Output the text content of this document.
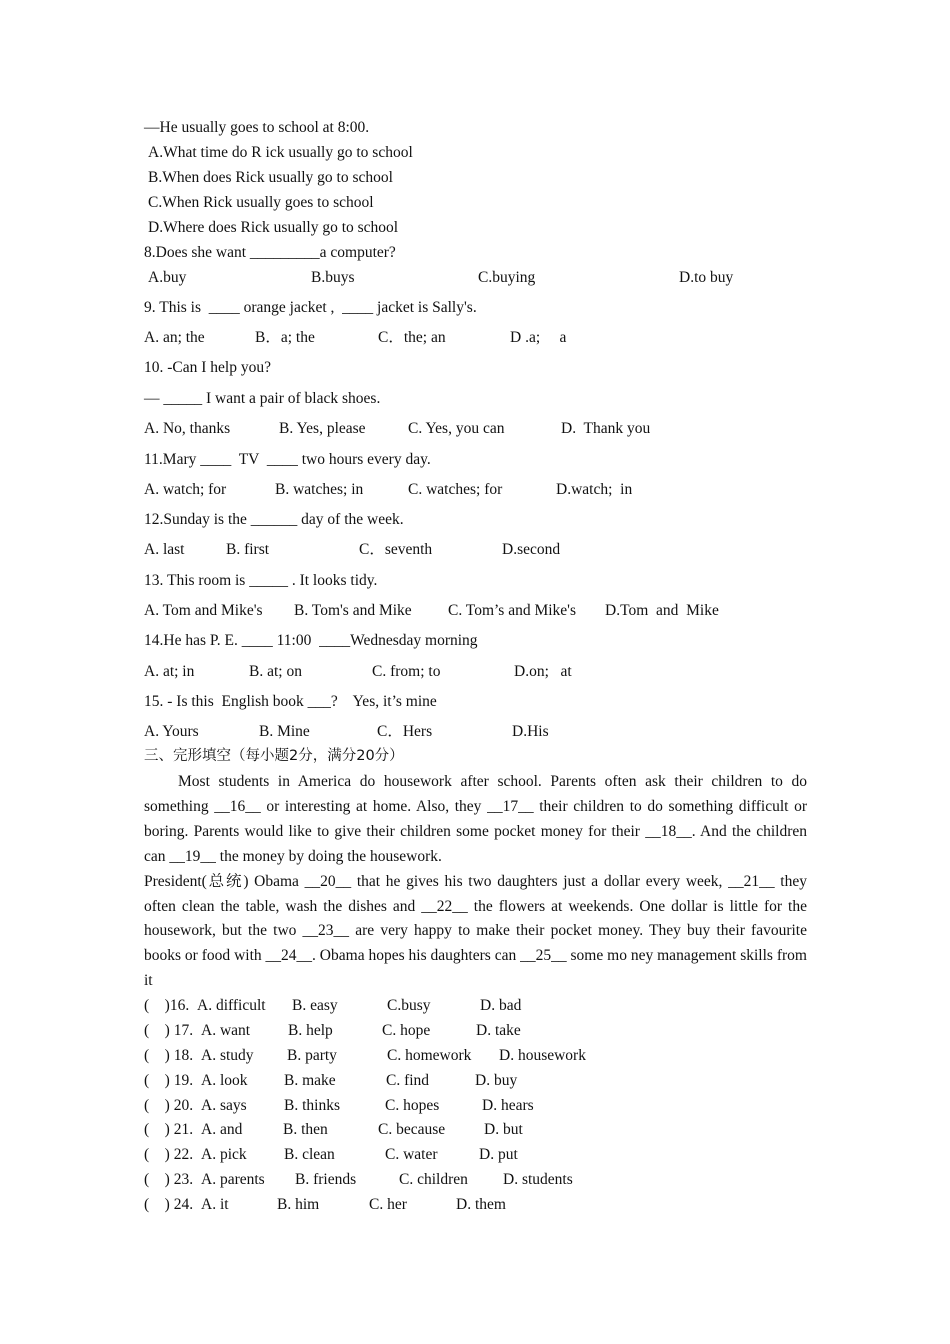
—He usually goes to school at 8:00.
A.What time do R ick usually go to school
B.When does Rick usually go to school
C.When Rick usually goes to school
D.Where does Rick usually go to school
8.Does she want _________a computer?
A.buy	B.buys	C.buying	D.to buy
9. This is  ____ orange jacket ,  ____ jacket is Sally's.
A. an; the	B．a; the	C．the; an	D .a;     a
10. -Can I help you?
— _____ I want a pair of black shoes.
A. No, thanks	B. Yes, please	C. Yes, you can	D.  Thank you
11.Mary ____  TV  ____ two hours every day.
A. watch; for	B. watches; in	C. watches; for	D.watch;  in
12.Sunday is the ______ day of the week.
A. last	B. first	C．seventh	D.second
13. This room is _____ . It looks tidy.
A. Tom and Mike's B. Tom's and Mike C. Tom’s and Mike's D.Tom  and  Mike
14.He has P. E. ____ 11:00  ____Wednesday morning
A. at; in	B. at; on	C. from; to	D.on;   at
15. - Is this  English book ___?    Yes, it’s mine
A. Yours	B. Mine	C．Hers	D.His
三、完形填空（每小题2分，满分20分）

Most students in America do housework after school. Parents often ask their children to do something __16__ or interesting at home. Also, they __17__ their children to do something difficult or boring. Parents would like to give their children some pocket money for their __18__. And the children can __19__ the money by doing the housework.

President(总统) Obama __20__ that he gives his two daughters just a dollar every week, __21__ they often clean the table, wash the dishes and __22__ the flowers at weekends. One dollar is little for the housework, but the two __23__ are very happy to make their pocket money. They buy their favourite books or food with __24__. Obama hopes his daughters can __25__ some mo ney management skills from it

(    )16. A. difficult B. easy	C.busy	D. bad
(    ) 17. A. want B. help	C. hope	D. take
(    ) 18. A. study B. party	C. homework D. housework
(    ) 19. A. look B. make	C. find	D. buy
(    ) 20. A. says B. thinks	C. hopes	D. hears
(    ) 21. A. and	B. then	C. because	D. but
(    ) 22. A. pick B. clean	C. water	D. put
(    ) 23. A. parents B. friends	C. children D. students
(    ) 24. A. it	B. him	C. her	D. them
